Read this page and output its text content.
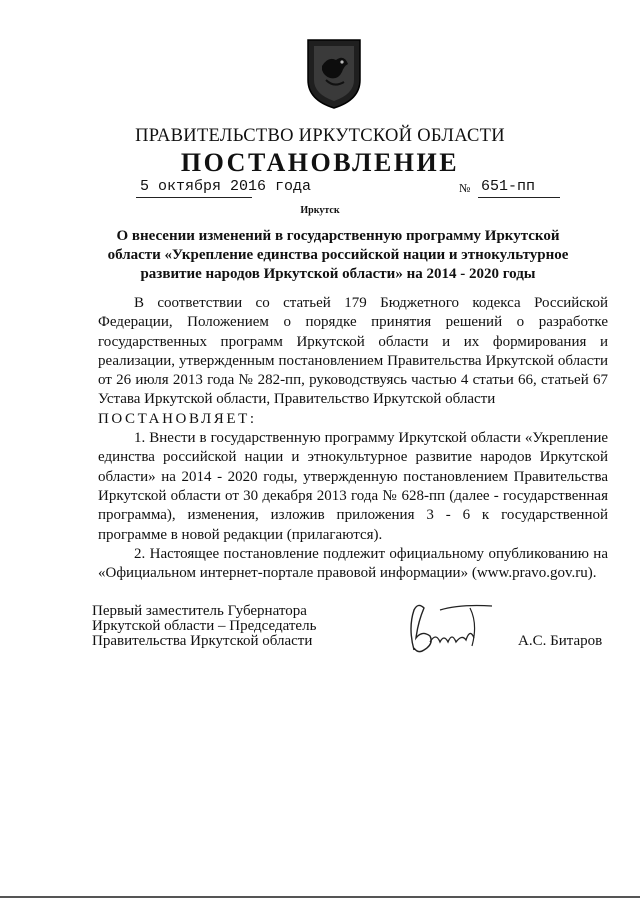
ПРАВИТЕЛЬСТВО ИРКУТСКОЙ ОБЛАСТИ
ПОСТАНОВЛЕНИЕ
5 октября 2016 года	№ 651-пп
Иркутск
О внесении изменений в государственную программу Иркутской области «Укрепление единства российской нации и этнокультурное развитие народов Иркутской области» на 2014 - 2020 годы

В соответствии со статьей 179 Бюджетного кодекса Российской Федерации, Положением о порядке принятия решений о разработке государственных программ Иркутской области и их формирования и реализации, утвержденным постановлением Правительства Иркутской области от 26 июля 2013 года № 282-пп, руководствуясь частью 4 статьи 66, статьей 67 Устава Иркутской области, Правительство Иркутской области

ПОСТАНОВЛЯЕТ:

1. Внести в государственную программу Иркутской области «Укрепление единства российской нации и этнокультурное развитие народов Иркутской области» на 2014 - 2020 годы, утвержденную постановлением Правительства Иркутской области от 30 декабря 2013 года № 628-пп (далее - государственная программа), изменения, изложив приложения 3 - 6 к государственной программе в новой редакции (прилагаются).

2. Настоящее постановление подлежит официальному опубликованию на «Официальном интернет-портале правовой информации» (www.pravo.gov.ru).

Первый заместитель Губернатора
Иркутской области – Председатель
Правительства Иркутской области	А.С. Битаров
